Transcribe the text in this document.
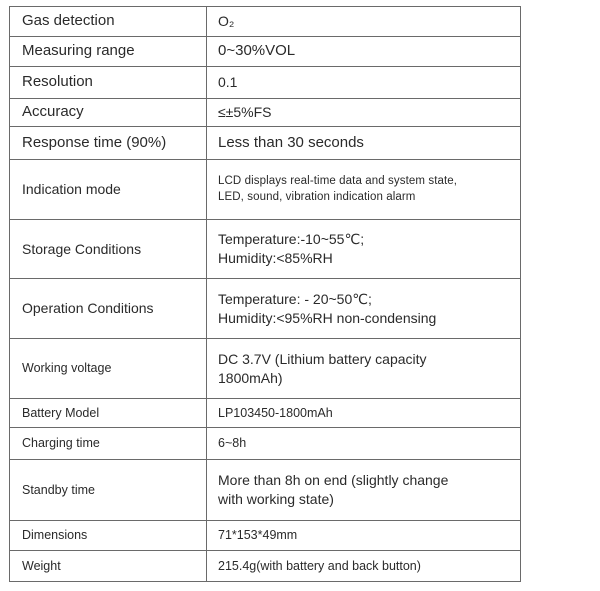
Gas detection	O₂
Measuring range	0~30%VOL
Resolution	0.1
Accuracy	≤±5%FS
Response time (90%)	Less than 30 seconds
Indication mode	LCD displays real-time data and system state,
LED, sound, vibration indication alarm

Storage Conditions	Temperature:-10~55℃;
Humidity:<85%RH

Operation Conditions	Temperature: - 20~50℃;
Humidity:<95%RH non-condensing

Working voltage	DC 3.7V (Lithium battery capacity
1800mAh)

Battery Model	LP103450-1800mAh
Charging time	6~8h
Standby time	More than 8h on end (slightly change
with working state)

Dimensions	71*153*49mm
Weight	215.4g(with battery and back button)
